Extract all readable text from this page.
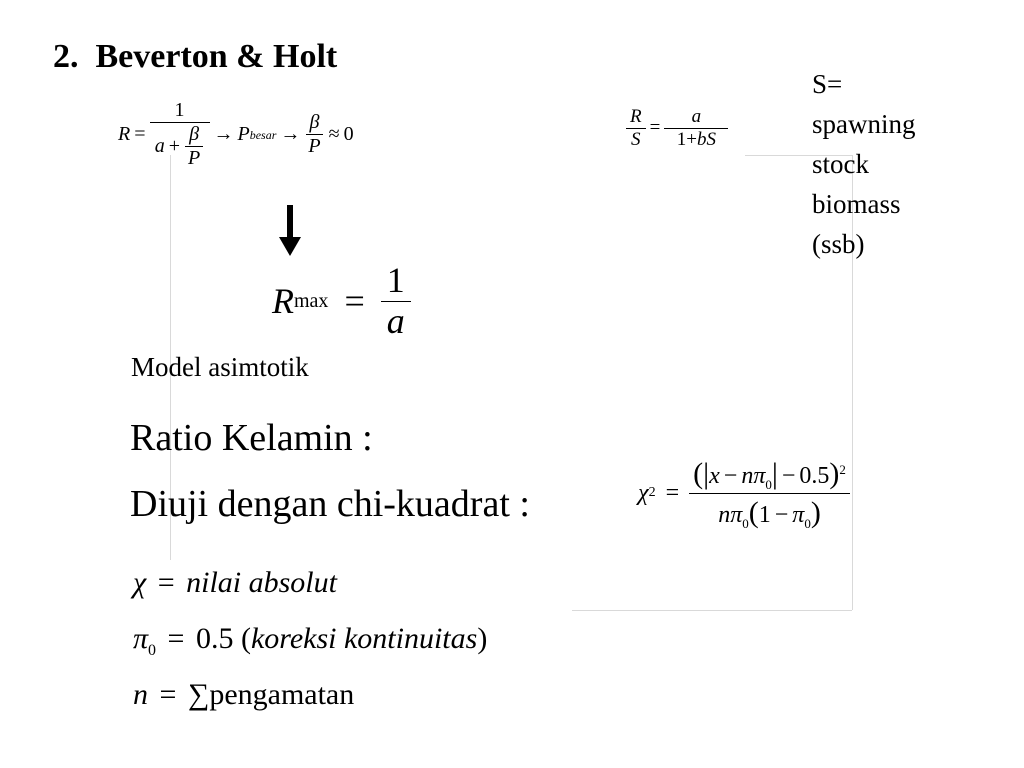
2. Beverton & Holt
$R = \frac{1}{a + \frac{\beta}{P}} \to P$ besar → $\frac{\beta}{P} \approx 0$	$\frac{R}{S} = \frac{a}{1+bS}$
S=
spawning
stock
biomass
(ssb)
R $\max = \frac{1}{a}$
Model asimtotik
Ratio Kelamin :
Diuji dengan chi-kuadrat :	χ $2 = \frac{(|x - n\pi_0| - 0.5)^2}{n\pi_0(1 - \pi_0)}$
χ = nilai absolut
$\pi_0 = 0.5$ (koreksi kontinuitas)
n = ∑pengamatan
